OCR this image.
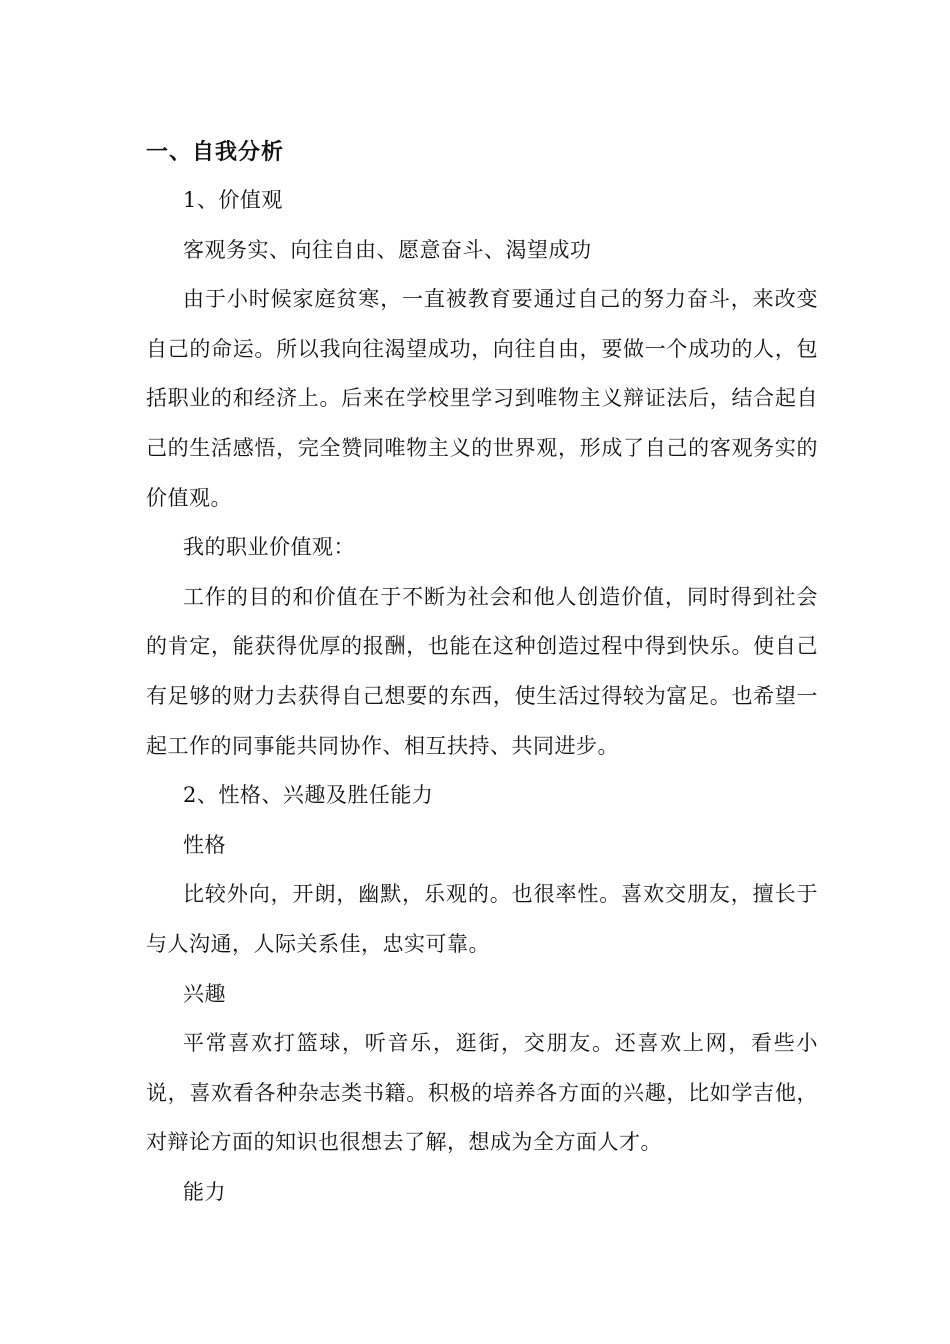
一、自我分析

1、价值观

客观务实、向往自由、愿意奋斗、渴望成功

由于小时候家庭贫寒，一直被教育要通过自己的努力奋斗，来改变自己的命运。所以我向往渴望成功，向往自由，要做一个成功的人，包括职业的和经济上。后来在学校里学习到唯物主义辩证法后，结合起自己的生活感悟，完全赞同唯物主义的世界观，形成了自己的客观务实的价值观。

我的职业价值观：

工作的目的和价值在于不断为社会和他人创造价值，同时得到社会的肯定，能获得优厚的报酬，也能在这种创造过程中得到快乐。使自己有足够的财力去获得自己想要的东西，使生活过得较为富足。也希望一起工作的同事能共同协作、相互扶持、共同进步。

2、性格、兴趣及胜任能力

性格

比较外向，开朗，幽默，乐观的。也很率性。喜欢交朋友，擅长于与人沟通，人际关系佳，忠实可靠。

兴趣

平常喜欢打篮球，听音乐，逛街，交朋友。还喜欢上网，看些小说，喜欢看各种杂志类书籍。积极的培养各方面的兴趣，比如学吉他，对辩论方面的知识也很想去了解，想成为全方面人才。

能力
